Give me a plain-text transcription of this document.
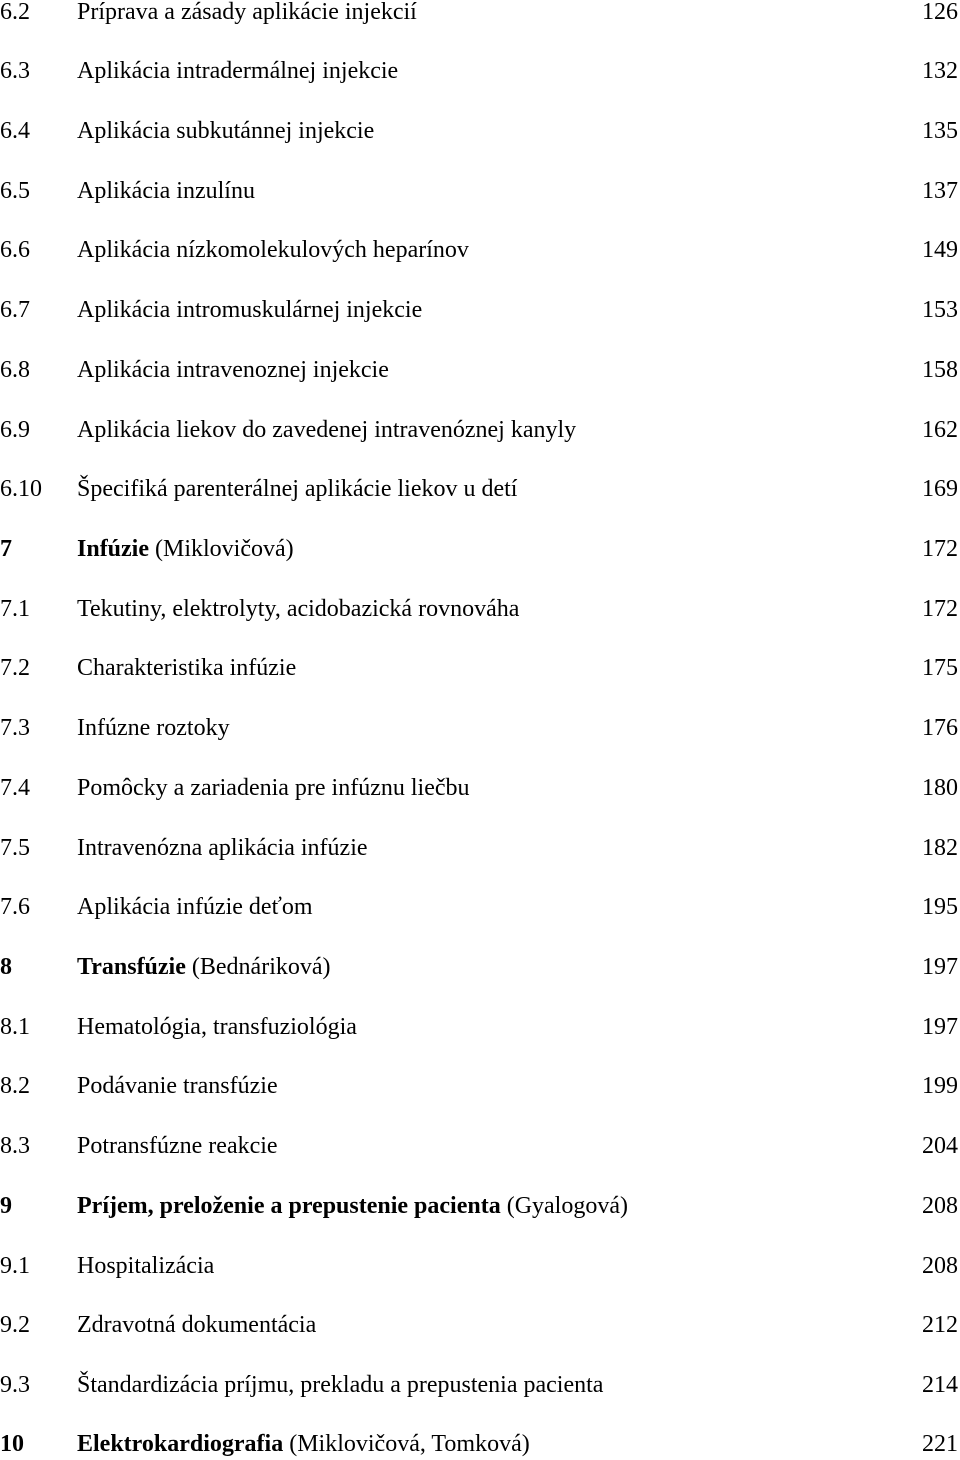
6.2 Príprava a zásady aplikácie injekcií	126
6.3 Aplikácia intradermálnej injekcie	132
6.4 Aplikácia subkutánnej injekcie	135
6.5 Aplikácia inzulínu	137
6.6 Aplikácia nízkomolekulových heparínov	149
6.7 Aplikácia intromuskulárnej injekcie	153
6.8 Aplikácia intravenoznej injekcie	158
6.9 Aplikácia liekov do zavedenej intravenóznej kanyly	162
6.10 Špecifiká parenterálnej aplikácie liekov u detí	169
7	Infúzie (Miklovičová)	172
7.1 Tekutiny, elektrolyty, acidobazická rovnováha	172
7.2 Charakteristika infúzie	175
7.3 Infúzne roztoky	176
7.4 Pomôcky a zariadenia pre infúznu liečbu	180
7.5 Intravenózna aplikácia infúzie	182
7.6 Aplikácia infúzie deťom	195
8	Transfúzie (Bednáriková)	197
8.1 Hematológia, transfuziológia	197
8.2 Podávanie transfúzie	199
8.3 Potransfúzne reakcie	204
9	Príjem, preloženie a prepustenie pacienta (Gyalogová)	208
9.1 Hospitalizácia	208
9.2 Zdravotná dokumentácia	212
9.3 Štandardizácia príjmu, prekladu a prepustenia pacienta	214
10 Elektrokardiografia (Miklovičová, Tomková)	221
